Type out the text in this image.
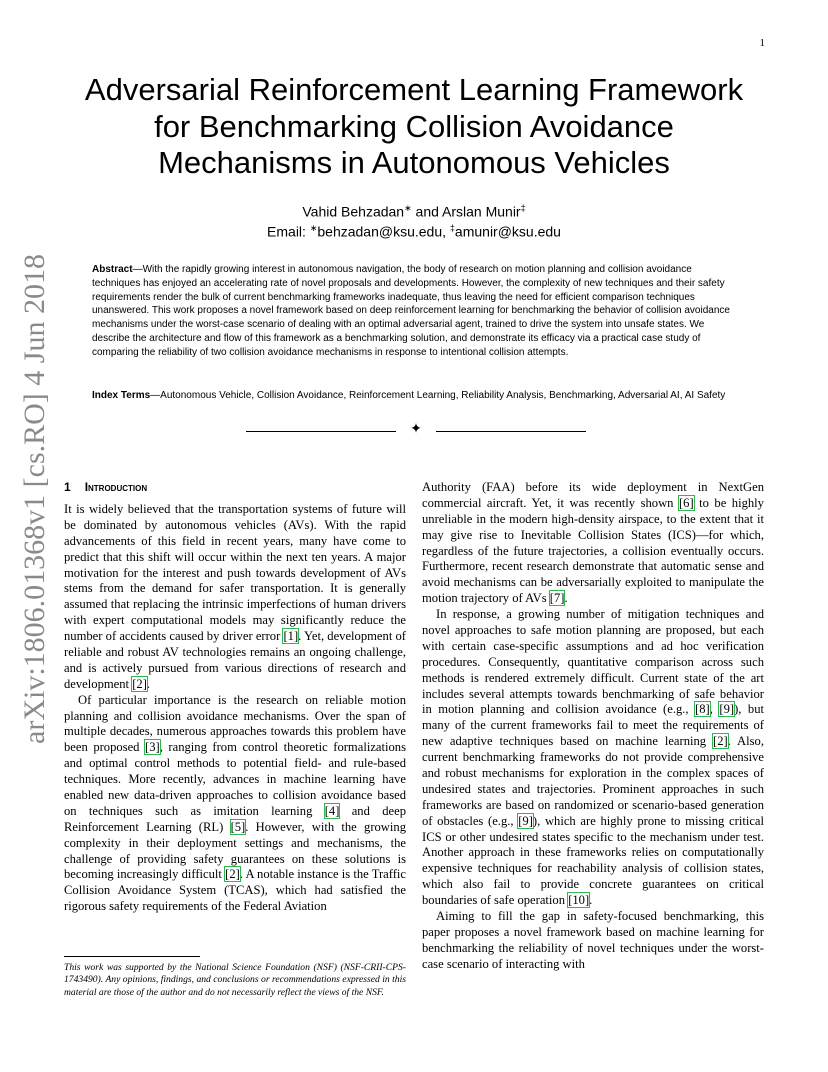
1
arXiv:1806.01368v1 [cs.RO] 4 Jun 2018
Adversarial Reinforcement Learning Framework for Benchmarking Collision Avoidance Mechanisms in Autonomous Vehicles
Vahid Behzadan∗ and Arslan Munir‡
Email: ∗behzadan@ksu.edu, ‡amunir@ksu.edu
Abstract—With the rapidly growing interest in autonomous navigation, the body of research on motion planning and collision avoidance techniques has enjoyed an accelerating rate of novel proposals and developments. However, the complexity of new techniques and their safety requirements render the bulk of current benchmarking frameworks inadequate, thus leaving the need for efficient comparison techniques unanswered. This work proposes a novel framework based on deep reinforcement learning for benchmarking the behavior of collision avoidance mechanisms under the worst-case scenario of dealing with an optimal adversarial agent, trained to drive the system into unsafe states. We describe the architecture and flow of this framework as a benchmarking solution, and demonstrate its efficacy via a practical case study of comparing the reliability of two collision avoidance mechanisms in response to intentional collision attempts.
Index Terms—Autonomous Vehicle, Collision Avoidance, Reinforcement Learning, Reliability Analysis, Benchmarking, Adversarial AI, AI Safety
✦
1 Introduction

It is widely believed that the transportation systems of future will be dominated by autonomous vehicles (AVs). With the rapid advancements of this field in recent years, many have come to predict that this shift will occur within the next ten years. A major motivation for the interest and push towards development of AVs stems from the demand for safer transportation. It is generally assumed that replacing the intrinsic imperfections of human drivers with expert computational models may significantly reduce the number of accidents caused by driver error [1]. Yet, development of reliable and robust AV technologies remains an ongoing challenge, and is actively pursued from various directions of research and development [2].

Of particular importance is the research on reliable motion planning and collision avoidance mechanisms. Over the span of multiple decades, numerous approaches towards this problem have been proposed [3], ranging from control theoretic formalizations and optimal control methods to potential field- and rule-based techniques. More recently, advances in machine learning have enabled new data-driven approaches to collision avoidance based on techniques such as imitation learning [4] and deep Reinforcement Learning (RL) [5]. However, with the growing complexity in their deployment settings and mechanisms, the challenge of providing safety guarantees on these solutions is becoming increasingly difficult [2]. A notable instance is the Traffic Collision Avoidance System (TCAS), which had satisfied the rigorous safety requirements of the Federal Aviation

Authority (FAA) before its wide deployment in NextGen commercial aircraft. Yet, it was recently shown [6] to be highly unreliable in the modern high-density airspace, to the extent that it may give rise to Inevitable Collision States (ICS)—for which, regardless of the future trajectories, a collision eventually occurs. Furthermore, recent research demonstrate that automatic sense and avoid mechanisms can be adversarially exploited to manipulate the motion trajectory of AVs [7].

In response, a growing number of mitigation techniques and novel approaches to safe motion planning are proposed, but each with certain case-specific assumptions and ad hoc verification procedures. Consequently, quantitative comparison across such methods is rendered extremely difficult. Current state of the art includes several attempts towards benchmarking of safe behavior in motion planning and collision avoidance (e.g., [8], [9]), but many of the current frameworks fail to meet the requirements of new adaptive techniques based on machine learning [2]. Also, current benchmarking frameworks do not provide comprehensive and robust mechanisms for exploration in the complex spaces of undesired states and trajectories. Prominent approaches in such frameworks are based on randomized or scenario-based generation of obstacles (e.g., [9]), which are highly prone to missing critical ICS or other undesired states specific to the mechanism under test. Another approach in these frameworks relies on computationally expensive techniques for reachability analysis of collision states, which also fail to provide concrete guarantees on critical boundaries of safe operation [10].

Aiming to fill the gap in safety-focused benchmarking, this paper proposes a novel framework based on machine learning for benchmarking the reliability of novel techniques under the worst-case scenario of interacting with

This work was supported by the National Science Foundation (NSF) (NSF-CRII-CPS-1743490). Any opinions, findings, and conclusions or recommendations expressed in this material are those of the author and do not necessarily reflect the views of the NSF.
